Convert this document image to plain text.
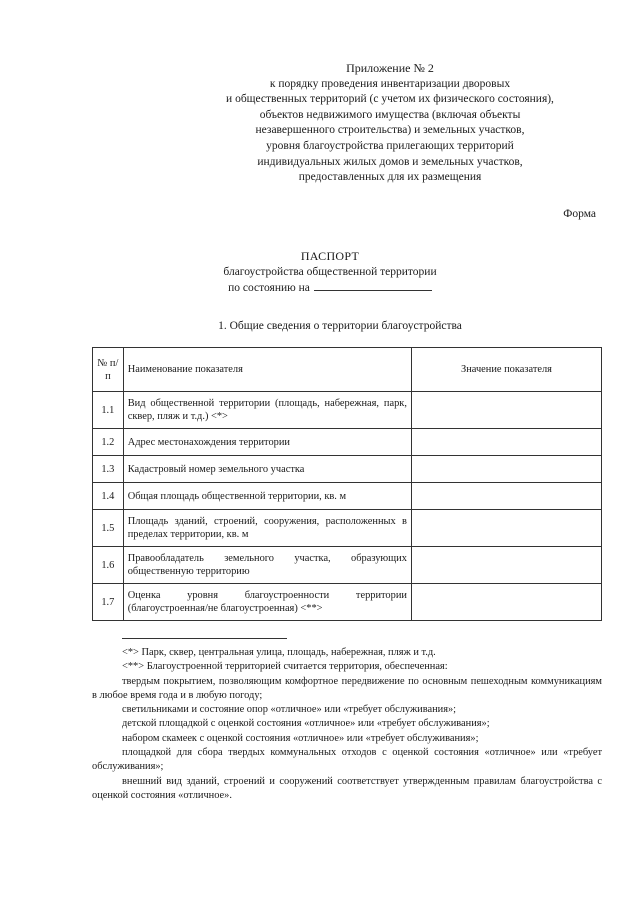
Приложение № 2
к порядку проведения инвентаризации дворовых
и общественных территорий (с учетом их физического состояния),
объектов недвижимого имущества (включая объекты
незавершенного строительства) и земельных участков,
уровня благоустройства прилегающих территорий
индивидуальных жилых домов и земельных участков,
предоставленных для их размещения
Форма
ПАСПОРТ
благоустройства общественной территории
по состоянию на
1. Общие сведения о территории благоустройства
№ п/п	Наименование показателя	Значение показателя
1.1	Вид общественной территории (площадь, набережная, парк, сквер, пляж и т.д.) <*>	
1.2	Адрес местонахождения территории	
1.3	Кадастровый номер земельного участка	
1.4	Общая площадь общественной территории, кв. м	
1.5	Площадь зданий, строений, сооружения, расположенных в пределах территории, кв. м	
1.6	Правообладатель земельного участка, образующих общественную территорию	
1.7	Оценка уровня благоустроенности территории (благоустроенная/не благоустроенная) <**>	

<*> Парк, сквер, центральная улица, площадь, набережная, пляж и т.д.

<**> Благоустроенной территорией считается территория, обеспеченная:

твердым покрытием, позволяющим комфортное передвижение по основным пешеходным коммуникациям в любое время года и в любую погоду;

светильниками и состояние опор «отличное» или «требует обслуживания»;

детской площадкой с оценкой состояния «отличное» или «требует обслуживания»;

набором скамеек с оценкой состояния «отличное» или «требует обслуживания»;

площадкой для сбора твердых коммунальных отходов с оценкой состояния «отличное» или «требует обслуживания»;

внешний вид зданий, строений и сооружений соответствует утвержденным правилам благоустройства с оценкой состояния «отличное».
